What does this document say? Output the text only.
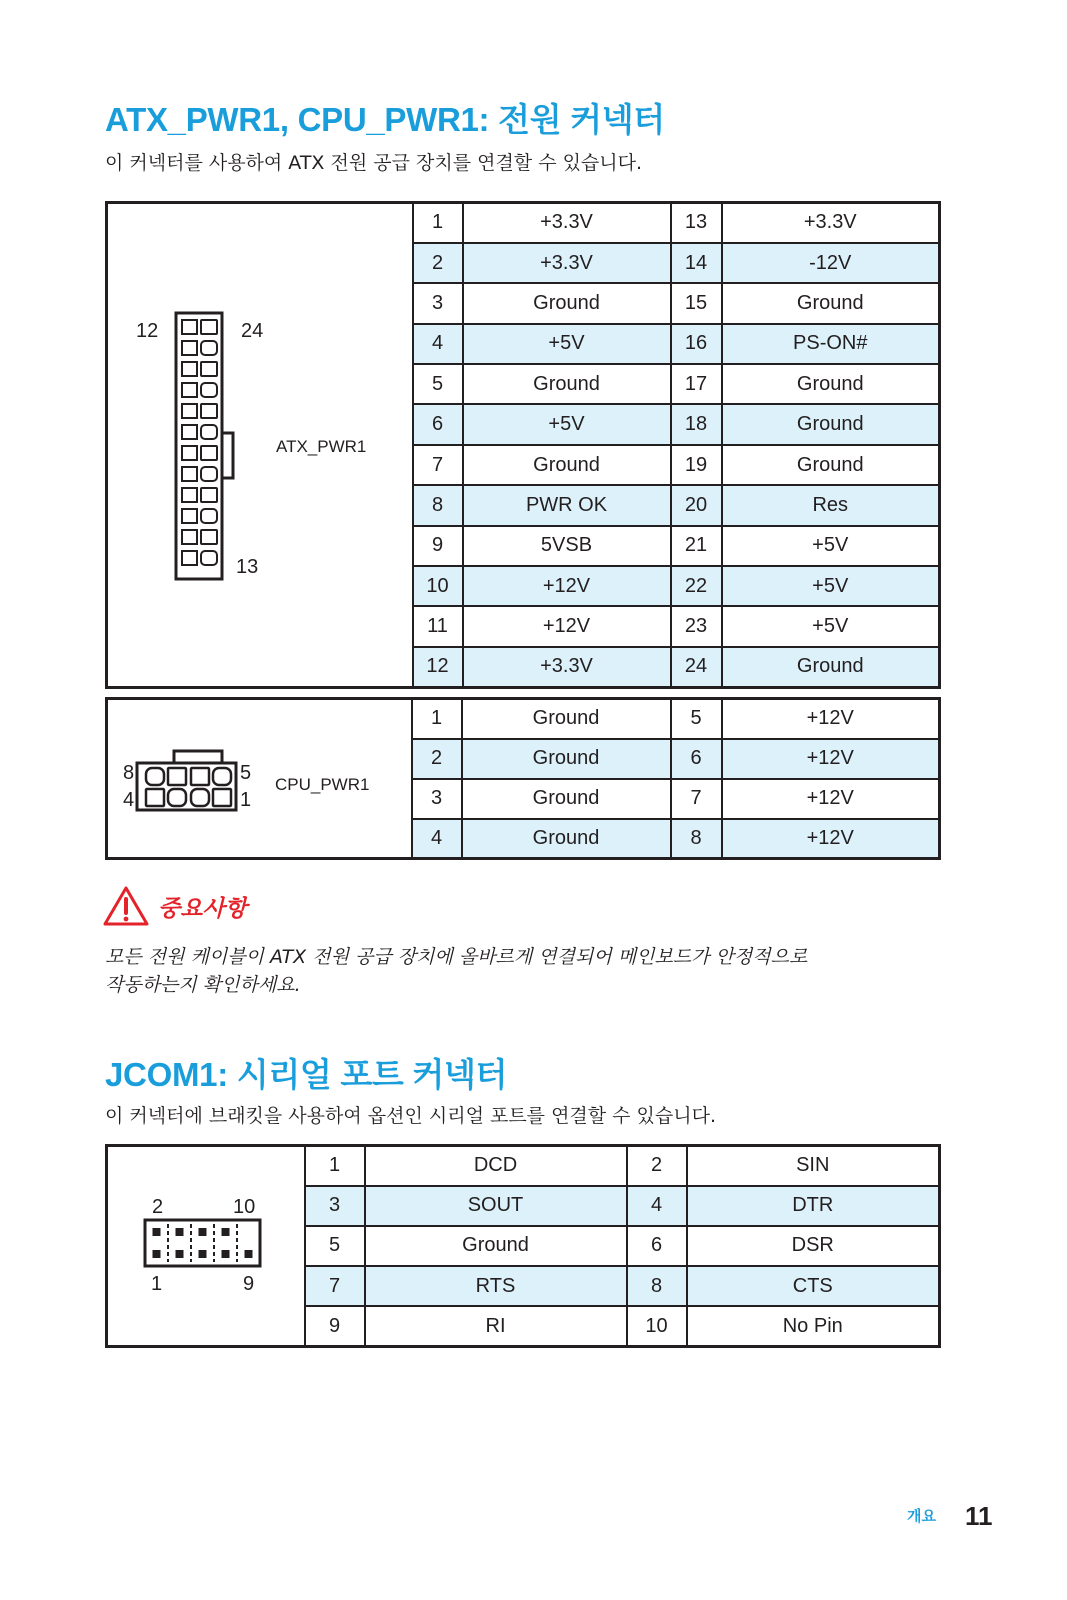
ATX_PWR1, CPU_PWR1: 전원 커넥터
이 커넥터를 사용하여 ATX 전원 공급 장치를 연결할 수 있습니다.
	1	+3.3V	13	+3.3V
	2	+3.3V	14	-12V
	3	Ground	15	Ground
	4	+5V	16	PS-ON#
	5	Ground	17	Ground
	6	+5V	18	Ground
	7	Ground	19	Ground
	8	PWR OK	20	Res
	9	5VSB	21	+5V
	10	+12V	22	+5V
	11	+12V	23	+5V
	12	+3.3V	24	Ground
	1	Ground	5	+12V
	2	Ground	6	+12V
	3	Ground	7	+12V
	4	Ground	8	+12V
12	24
13
ATX_PWR1
8
4
5
1
CPU_PWR1
중요사항
모든 전원 케이블이 ATX 전원 공급 장치에 올바르게 연결되어 메인보드가 안정적으로
작동하는지 확인하세요.
JCOM1: 시리얼 포트 커넥터
이 커넥터에 브래킷을 사용하여 옵션인 시리얼 포트를 연결할 수 있습니다.
	1	DCD	2	SIN
	3	SOUT	4	DTR
	5	Ground	6	DSR
	7	RTS	8	CTS
	9	RI	10	No Pin
2	10
1	9
개요 11
